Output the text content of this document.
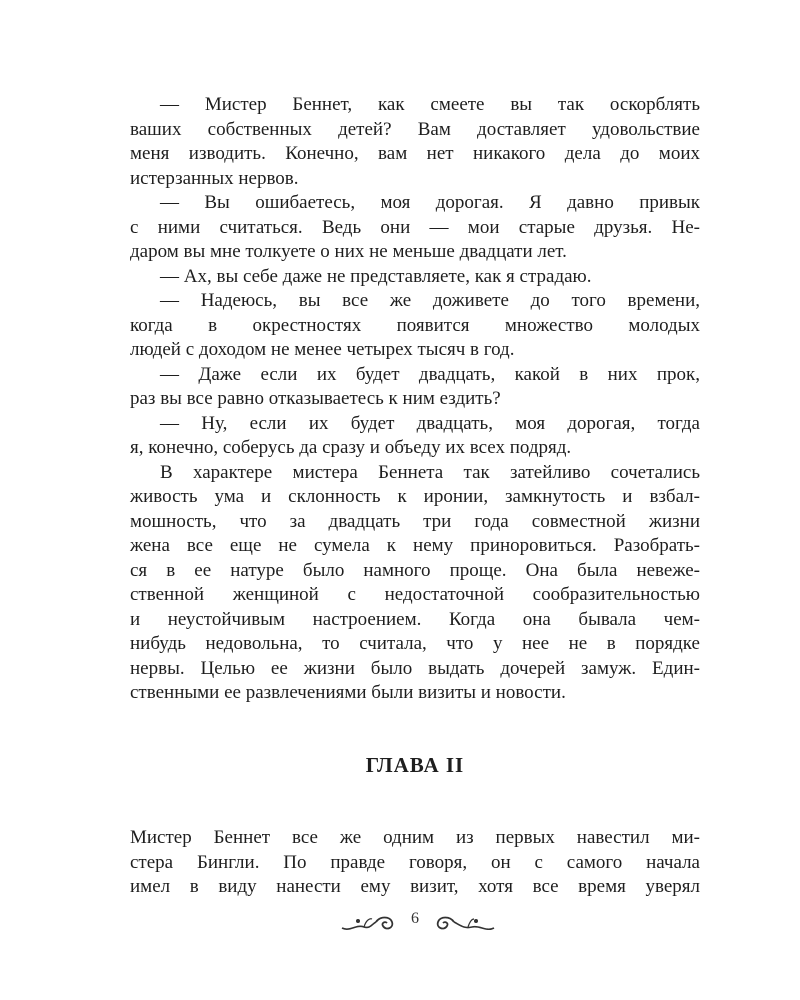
— Мистер Беннет, как смеете вы так оскорблять
ваших собственных детей? Вам доставляет удовольствие
меня изводить. Конечно, вам нет никакого дела до моих
истерзанных нервов.
— Вы ошибаетесь, моя дорогая. Я давно привык
с ними считаться. Ведь они — мои старые друзья. Не-
даром вы мне толкуете о них не меньше двадцати лет.
— Ах, вы себе даже не представляете, как я страдаю.
— Надеюсь, вы все же доживете до того времени,
когда в окрестностях появится множество молодых
людей с доходом не менее четырех тысяч в год.
— Даже если их будет двадцать, какой в них прок,
раз вы все равно отказываетесь к ним ездить?
— Ну, если их будет двадцать, моя дорогая, тогда
я, конечно, соберусь да сразу и объеду их всех подряд.
В характере мистера Беннета так затейливо сочетались
живость ума и склонность к иронии, замкнутость и взбал-
мошность, что за двадцать три года совместной жизни
жена все еще не сумела к нему приноровиться. Разобрать-
ся в ее натуре было намного проще. Она была невеже-
ственной женщиной с недостаточной сообразительностью
и неустойчивым настроением. Когда она бывала чем-
нибудь недовольна, то считала, что у нее не в порядке
нервы. Целью ее жизни было выдать дочерей замуж. Един-
ственными ее развлечениями были визиты и новости.
ГЛАВА II
Мистер Беннет все же одним из первых навестил ми-
стера Бингли. По правде говоря, он с самого начала
имел в виду нанести ему визит, хотя все время уверял
6
